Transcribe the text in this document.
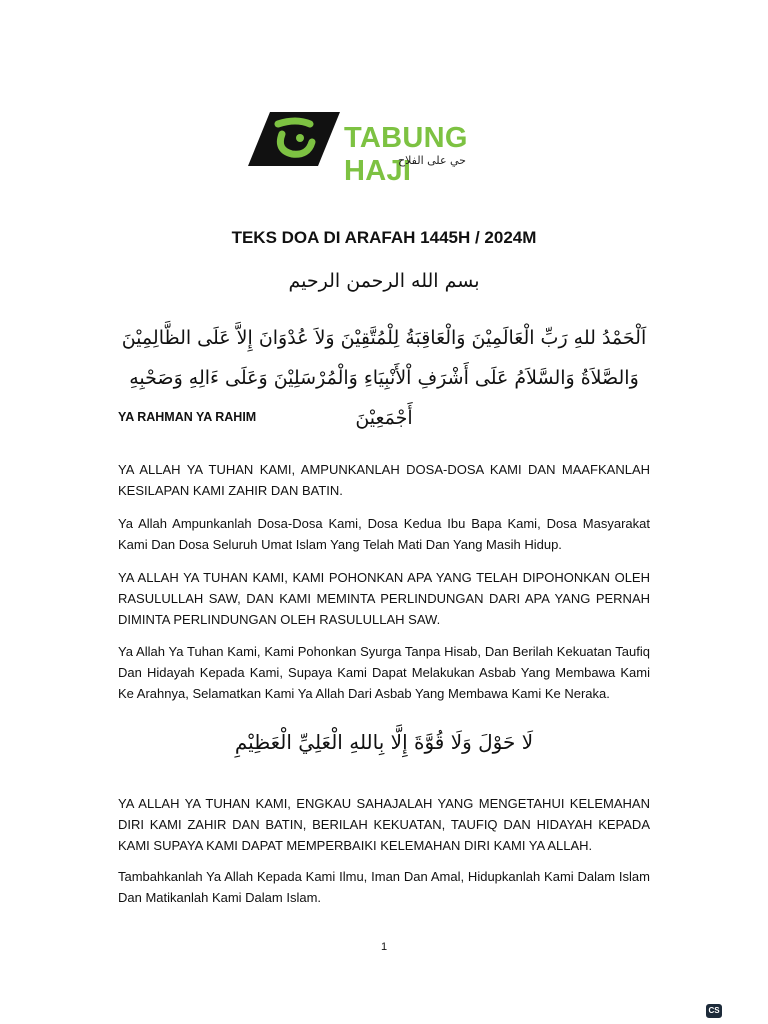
TABUNG HAJI
حي على الفلاح
TEKS DOA DI ARAFAH 1445H / 2024M
بسم الله الرحمن الرحيم
اَلْحَمْدُ للهِ رَبِّ الْعَالَمِيْنَ وَالْعَاقِبَةُ لِلْمُتَّقِيْنَ وَلاَ عُدْوَانَ إِلاَّ عَلَى الظَّالِمِيْنَ وَالصَّلاَةُ وَالسَّلاَمُ عَلَى أَشْرَفِ اْلأَنْبِيَاءِ وَالْمُرْسَلِيْنَ وَعَلَى ءَالِهِ وَصَحْبِهِ أَجْمَعِيْنَ
YA RAHMAN YA RAHIM

YA ALLAH YA TUHAN KAMI, AMPUNKANLAH DOSA-DOSA KAMI DAN MAAFKANLAH KESILAPAN KAMI ZAHIR DAN BATIN.

Ya Allah Ampunkanlah Dosa-Dosa Kami, Dosa Kedua Ibu Bapa Kami, Dosa Masyarakat Kami Dan Dosa Seluruh Umat Islam Yang Telah Mati Dan Yang Masih Hidup.

YA ALLAH YA TUHAN KAMI, KAMI POHONKAN APA YANG TELAH DIPOHONKAN OLEH RASULULLAH SAW, DAN KAMI MEMINTA PERLINDUNGAN DARI APA YANG PERNAH DIMINTA PERLINDUNGAN OLEH RASULULLAH SAW.

Ya Allah Ya Tuhan Kami, Kami Pohonkan Syurga Tanpa Hisab, Dan Berilah Kekuatan Taufiq Dan Hidayah Kepada Kami, Supaya Kami Dapat Melakukan Asbab Yang Membawa Kami Ke Arahnya, Selamatkan Kami Ya Allah Dari Asbab Yang Membawa Kami Ke Neraka.

لَا حَوْلَ وَلَا قُوَّةَ إِلَّا بِاللهِ الْعَلِيِّ الْعَظِيْمِ

YA ALLAH YA TUHAN KAMI, ENGKAU SAHAJALAH YANG MENGETAHUI KELEMAHAN DIRI KAMI ZAHIR DAN BATIN, BERILAH KEKUATAN, TAUFIQ DAN HIDAYAH KEPADA KAMI SUPAYA KAMI DAPAT MEMPERBAIKI KELEMAHAN DIRI KAMI YA ALLAH.

Tambahkanlah Ya Allah Kepada Kami Ilmu, Iman Dan Amal, Hidupkanlah Kami Dalam Islam Dan Matikanlah Kami Dalam Islam.

1
CS
